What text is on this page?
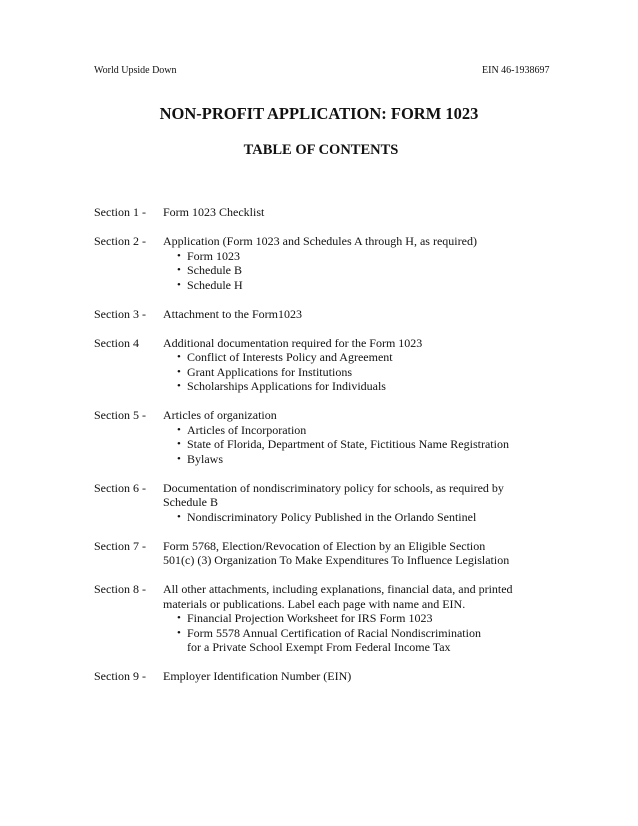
World Upside Down	EIN 46-1938697
NON-PROFIT APPLICATION: FORM 1023
TABLE OF CONTENTS
Section 1 -	Form 1023 Checklist
Section 2 -	Application (Form 1023 and Schedules A through H, as required)
• Form 1023
• Schedule B
• Schedule H
Section 3 -	Attachment to the Form1023
Section 4	Additional documentation required for the Form 1023
• Conflict of Interests Policy and Agreement
• Grant Applications for Institutions
• Scholarships Applications for Individuals
Section 5 -	Articles of organization
• Articles of Incorporation
• State of Florida, Department of State, Fictitious Name Registration
• Bylaws
Section 6 -	Documentation of nondiscriminatory policy for schools, as required by
Schedule B
• Nondiscriminatory Policy Published in the Orlando Sentinel
Section 7 -	Form 5768, Election/Revocation of Election by an Eligible Section
501(c) (3) Organization To Make Expenditures To Influence Legislation
Section 8 -	All other attachments, including explanations, financial data, and printed
materials or publications. Label each page with name and EIN.
• Financial Projection Worksheet for IRS Form 1023
• Form 5578 Annual Certification of Racial Nondiscrimination
for a Private School Exempt From Federal Income Tax
Section 9 -	Employer Identification Number (EIN)
